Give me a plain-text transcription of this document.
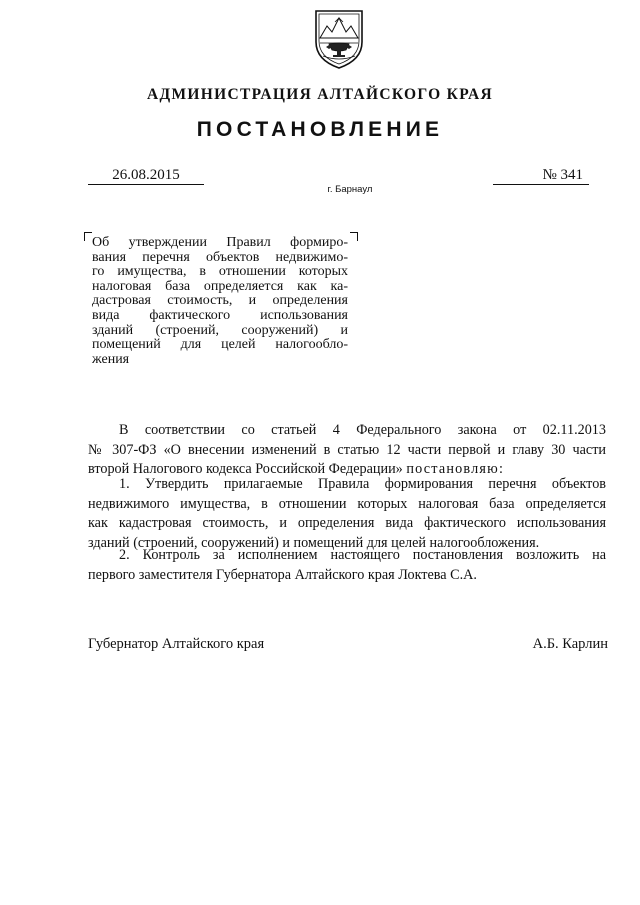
АДМИНИСТРАЦИЯ АЛТАЙСКОГО КРАЯ
ПОСТАНОВЛЕНИЕ
26.08.2015	№ 341
г. Барнаул
Об утверждении Правил формиро-
вания перечня объектов недвижимо-
го имущества, в отношении которых
налоговая база определяется как ка-
дастровая стоимость, и определения
вида фактического использования
зданий (строений, сооружений) и
помещений для целей налогообло-
жения
В соответствии со статьей 4 Федерального закона от 02.11.2013
№ 307-ФЗ «О внесении изменений в статью 12 части первой и главу 30 части
второй Налогового кодекса Российской Федерации» постановляю:
1. Утвердить прилагаемые Правила формирования перечня объектов
недвижимого имущества, в отношении которых налоговая база определяется
как кадастровая стоимость, и определения вида фактического использования
зданий (строений, сооружений) и помещений для целей налогообложения.
2. Контроль за исполнением настоящего постановления возложить на
первого заместителя Губернатора Алтайского края Локтева С.А.
Губернатор Алтайского края	А.Б. Карлин
